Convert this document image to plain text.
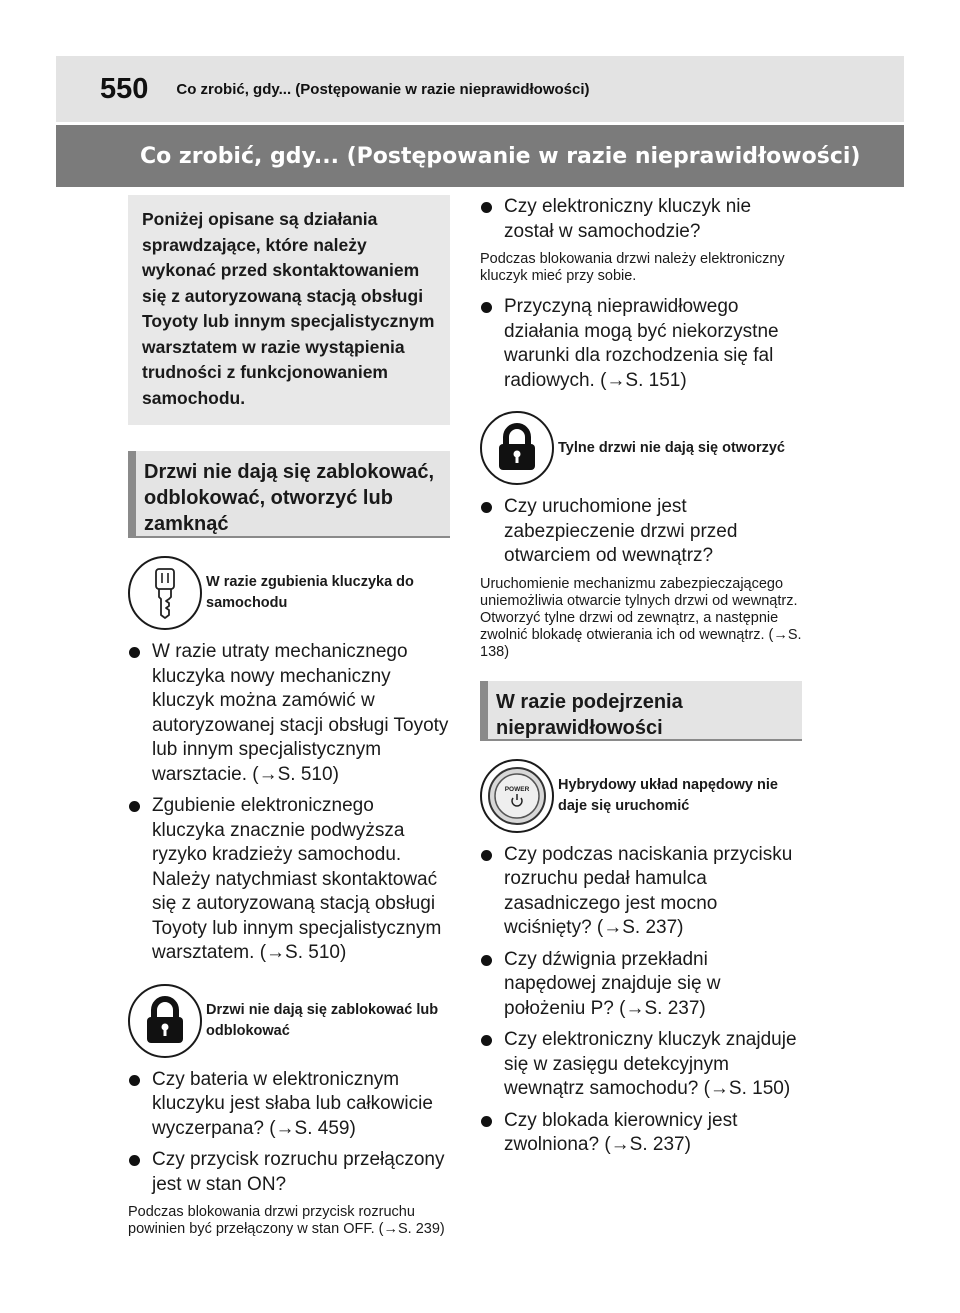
550 Co zrobić, gdy... (Postępowanie w razie nieprawidłowości)
Co zrobić, gdy... (Postępowanie w razie nieprawidłowości)
Poniżej opisane są działania sprawdzające, które należy wykonać przed skontaktowaniem się z autoryzowaną stacją obsługi Toyoty lub innym specjalistycznym warsztatem w razie wystąpienia trudności z funkcjonowaniem samochodu.
Drzwi nie dają się zablokować, odblokować, otworzyć lub zamknąć
W razie zgubienia kluczyka do samochodu
W razie utraty mechanicznego kluczyka nowy mechaniczny kluczyk można zamówić w autoryzowanej stacji obsługi Toyoty lub innym specjalistycznym warsztacie. (→S. 510)
Zgubienie elektronicznego kluczyka znacznie podwyższa ryzyko kradzieży samochodu. Należy natychmiast skontaktować się z autoryzowaną stacją obsługi Toyoty lub innym specjalistycznym warsztatem. (→S. 510)
Drzwi nie dają się zablokować lub odblokować
Czy bateria w elektronicznym kluczyku jest słaba lub całkowicie wyczerpana? (→S. 459)
Czy przycisk rozruchu przełączony jest w stan ON?
Podczas blokowania drzwi przycisk rozruchu powinien być przełączony w stan OFF. (→S. 239)
Czy elektroniczny kluczyk nie został w samochodzie?
Podczas blokowania drzwi należy elektroniczny kluczyk mieć przy sobie.
Przyczyną nieprawidłowego działania mogą być niekorzystne warunki dla rozchodzenia się fal radiowych. (→S. 151)
Tylne drzwi nie dają się otworzyć
Czy uruchomione jest zabezpieczenie drzwi przed otwarciem od wewnątrz?
Uruchomienie mechanizmu zabezpieczającego uniemożliwia otwarcie tylnych drzwi od wewnątrz. Otworzyć tylne drzwi od zewnątrz, a następnie zwolnić blokadę otwierania ich od wewnątrz. (→S. 138)
W razie podejrzenia nieprawidłowości
POWER Hybrydowy układ napędowy nie daje się uruchomić
Czy podczas naciskania przycisku rozruchu pedał hamulca zasadniczego jest mocno wciśnięty? (→S. 237)
Czy dźwignia przekładni napędowej znajduje się w położeniu P? (→S. 237)
Czy elektroniczny kluczyk znajduje się w zasięgu detekcyjnym wewnątrz samochodu? (→S. 150)
Czy blokada kierownicy jest zwolniona? (→S. 237)
